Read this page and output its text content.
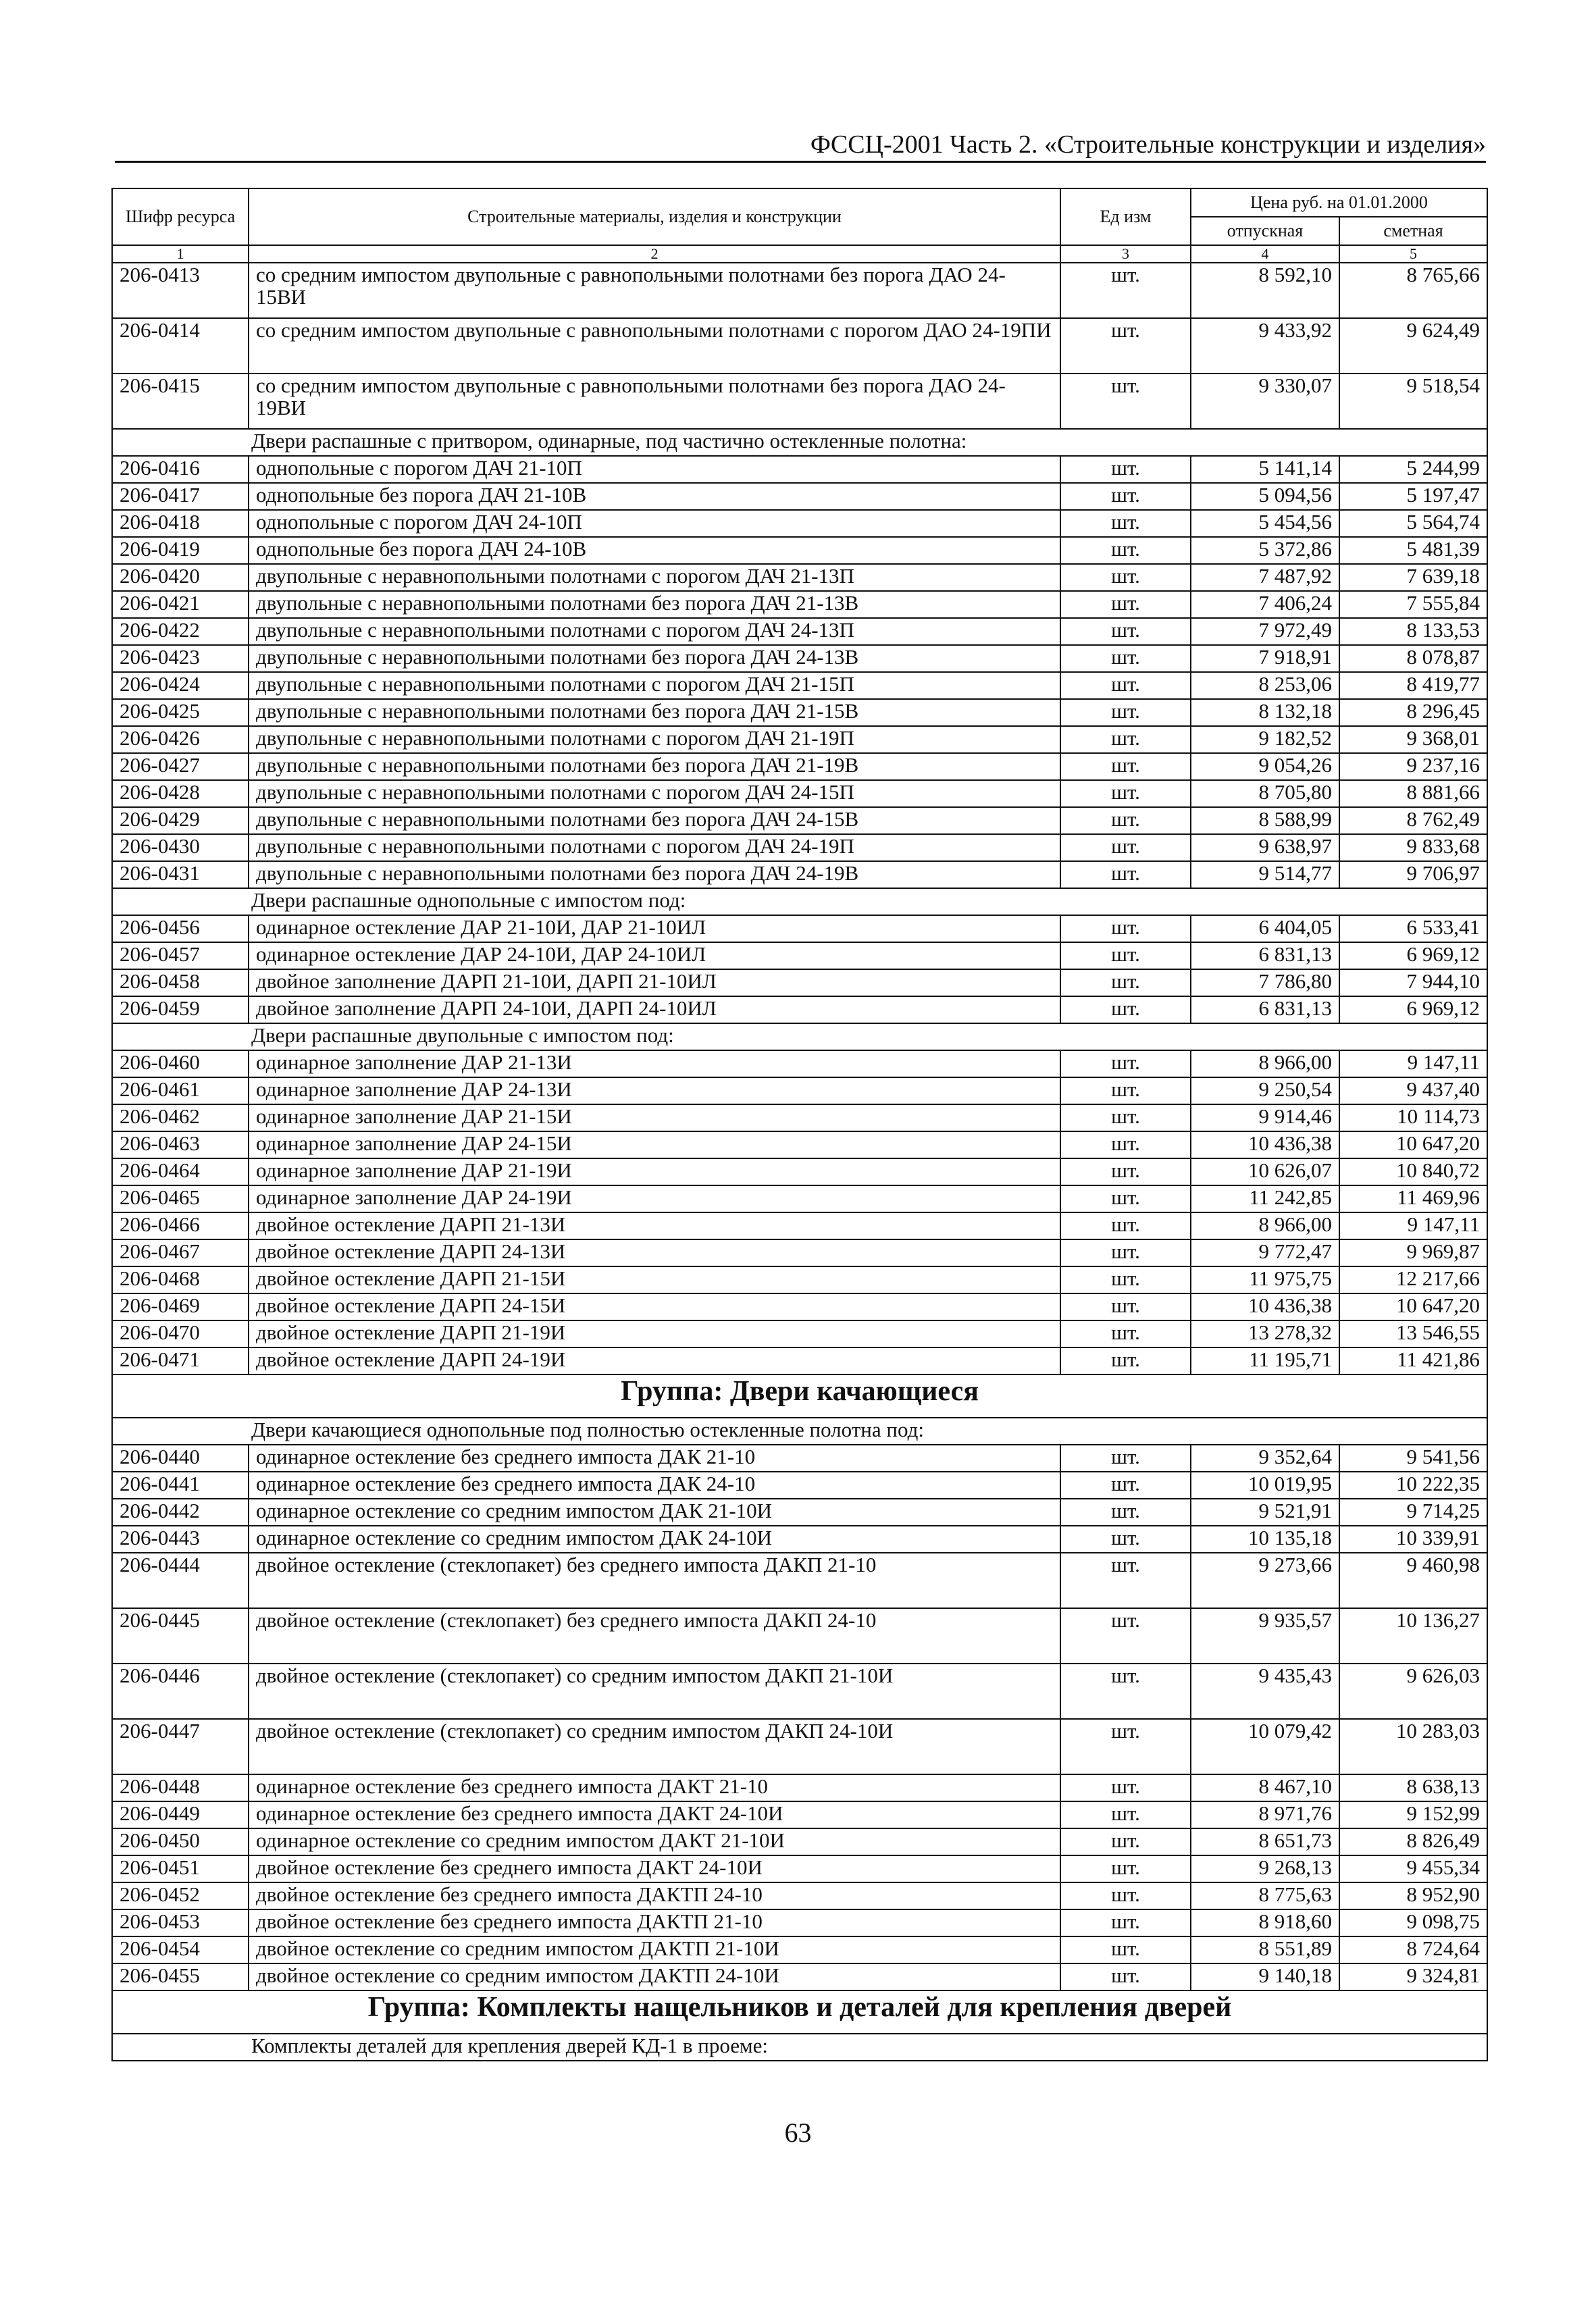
ФССЦ-2001 Часть 2. «Строительные конструкции и изделия»
Шифр ресурса	Строительные материалы, изделия и конструкции	Ед изм	Цена руб. на 01.01.2000	
			отпускная	сметная
1	2	3	4	5
206-0413	со средним импостом двупольные с равнопольными полотнами без порога ДАО 24-15ВИ	шт.	8 592,10	8 765,66
206-0414	со средним импостом двупольные с равнопольными полотнами с порогом ДАО 24-19ПИ	шт.	9 433,92	9 624,49
206-0415	со средним импостом двупольные с равнопольными полотнами без порога ДАО 24-19ВИ	шт.	9 330,07	9 518,54
Двери распашные с притвором, одинарные, под частично остекленные полотна:				
206-0416	однопольные с порогом ДАЧ 21-10П	шт.	5 141,14	5 244,99
206-0417	однопольные без порога ДАЧ 21-10В	шт.	5 094,56	5 197,47
206-0418	однопольные с порогом ДАЧ 24-10П	шт.	5 454,56	5 564,74
206-0419	однопольные без порога ДАЧ 24-10В	шт.	5 372,86	5 481,39
206-0420	двупольные с неравнопольными полотнами с порогом ДАЧ 21-13П	шт.	7 487,92	7 639,18
206-0421	двупольные с неравнопольными полотнами без порога ДАЧ 21-13В	шт.	7 406,24	7 555,84
206-0422	двупольные с неравнопольными полотнами с порогом ДАЧ 24-13П	шт.	7 972,49	8 133,53
206-0423	двупольные с неравнопольными полотнами без порога ДАЧ 24-13В	шт.	7 918,91	8 078,87
206-0424	двупольные с неравнопольными полотнами с порогом ДАЧ 21-15П	шт.	8 253,06	8 419,77
206-0425	двупольные с неравнопольными полотнами без порога ДАЧ 21-15В	шт.	8 132,18	8 296,45
206-0426	двупольные с неравнопольными полотнами с порогом ДАЧ 21-19П	шт.	9 182,52	9 368,01
206-0427	двупольные с неравнопольными полотнами без порога ДАЧ 21-19В	шт.	9 054,26	9 237,16
206-0428	двупольные с неравнопольными полотнами с порогом ДАЧ 24-15П	шт.	8 705,80	8 881,66
206-0429	двупольные с неравнопольными полотнами без порога ДАЧ 24-15В	шт.	8 588,99	8 762,49
206-0430	двупольные с неравнопольными полотнами с порогом ДАЧ 24-19П	шт.	9 638,97	9 833,68
206-0431	двупольные с неравнопольными полотнами без порога ДАЧ 24-19В	шт.	9 514,77	9 706,97
Двери распашные однопольные с импостом под:				
206-0456	одинарное остекление ДАР 21-10И, ДАР 21-10ИЛ	шт.	6 404,05	6 533,41
206-0457	одинарное остекление ДАР 24-10И, ДАР 24-10ИЛ	шт.	6 831,13	6 969,12
206-0458	двойное заполнение ДАРП 21-10И, ДАРП 21-10ИЛ	шт.	7 786,80	7 944,10
206-0459	двойное заполнение ДАРП 24-10И, ДАРП 24-10ИЛ	шт.	6 831,13	6 969,12
Двери распашные двупольные с импостом под:				
206-0460	одинарное заполнение ДАР 21-13И	шт.	8 966,00	9 147,11
206-0461	одинарное заполнение ДАР 24-13И	шт.	9 250,54	9 437,40
206-0462	одинарное заполнение ДАР 21-15И	шт.	9 914,46	10 114,73
206-0463	одинарное заполнение ДАР 24-15И	шт.	10 436,38	10 647,20
206-0464	одинарное заполнение ДАР 21-19И	шт.	10 626,07	10 840,72
206-0465	одинарное заполнение ДАР 24-19И	шт.	11 242,85	11 469,96
206-0466	двойное остекление ДАРП 21-13И	шт.	8 966,00	9 147,11
206-0467	двойное остекление ДАРП 24-13И	шт.	9 772,47	9 969,87
206-0468	двойное остекление ДАРП 21-15И	шт.	11 975,75	12 217,66
206-0469	двойное остекление ДАРП 24-15И	шт.	10 436,38	10 647,20
206-0470	двойное остекление ДАРП 21-19И	шт.	13 278,32	13 546,55
206-0471	двойное остекление ДАРП 24-19И	шт.	11 195,71	11 421,86
Группа: Двери качающиеся				
Двери качающиеся однопольные под полностью остекленные полотна под:				
206-0440	одинарное остекление без среднего импоста ДАК 21-10	шт.	9 352,64	9 541,56
206-0441	одинарное остекление без среднего импоста ДАК 24-10	шт.	10 019,95	10 222,35
206-0442	одинарное остекление со средним импостом ДАК 21-10И	шт.	9 521,91	9 714,25
206-0443	одинарное остекление со средним импостом ДАК 24-10И	шт.	10 135,18	10 339,91
206-0444	двойное остекление (стеклопакет) без среднего импоста ДАКП 21-10	шт.	9 273,66	9 460,98
206-0445	двойное остекление (стеклопакет) без среднего импоста ДАКП 24-10	шт.	9 935,57	10 136,27
206-0446	двойное остекление (стеклопакет) со средним импостом ДАКП 21-10И	шт.	9 435,43	9 626,03
206-0447	двойное остекление (стеклопакет) со средним импостом ДАКП 24-10И	шт.	10 079,42	10 283,03
206-0448	одинарное остекление без среднего импоста ДАКТ 21-10	шт.	8 467,10	8 638,13
206-0449	одинарное остекление без среднего импоста ДАКТ 24-10И	шт.	8 971,76	9 152,99
206-0450	одинарное остекление со средним импостом ДАКТ 21-10И	шт.	8 651,73	8 826,49
206-0451	двойное остекление без среднего импоста ДАКТ 24-10И	шт.	9 268,13	9 455,34
206-0452	двойное остекление без среднего импоста ДАКТП 24-10	шт.	8 775,63	8 952,90
206-0453	двойное остекление без среднего импоста ДАКТП 21-10	шт.	8 918,60	9 098,75
206-0454	двойное остекление со средним импостом ДАКТП 21-10И	шт.	8 551,89	8 724,64
206-0455	двойное остекление со средним импостом ДАКТП 24-10И	шт.	9 140,18	9 324,81
Группа: Комплекты нащельников и деталей для крепления дверей				
Комплекты деталей для крепления дверей КД-1 в проеме:				
63
